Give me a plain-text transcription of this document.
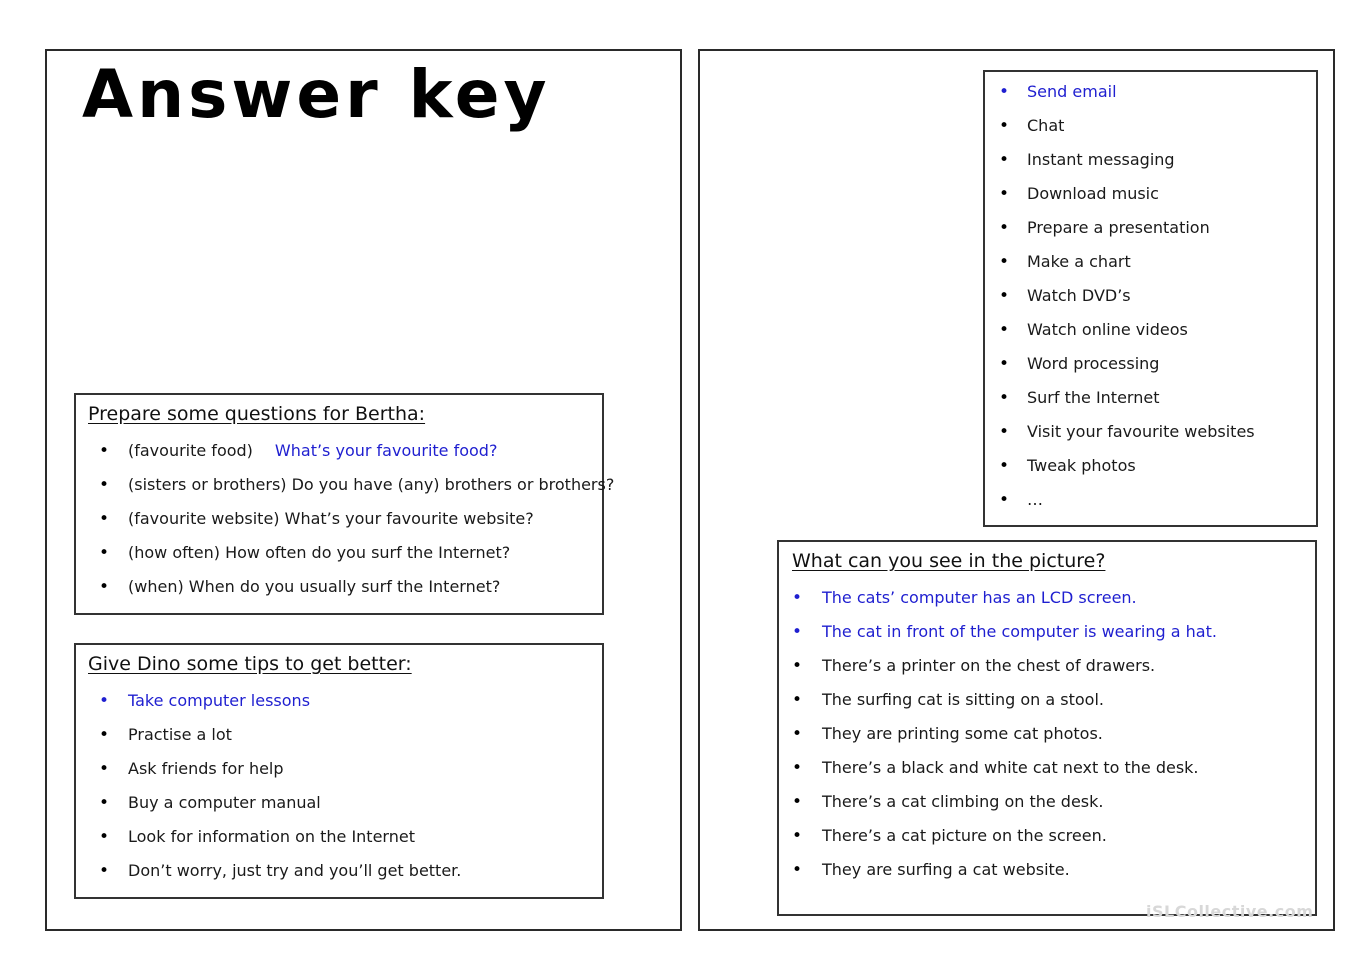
Answer key
Prepare some questions for Bertha:
• (favourite food) What’s your favourite food?
• (sisters or brothers) Do you have (any) brothers or brothers?
• (favourite website) What’s your favourite website?
• (how often) How often do you surf the Internet?
• (when) When do you usually surf the Internet?
Give Dino some tips to get better:
• Take computer lessons
• Practise a lot
• Ask friends for help
• Buy a computer manual
• Look for information on the Internet
• Don’t worry, just try and you’ll get better.
• Send email
• Chat
• Instant messaging
• Download music
• Prepare a presentation
• Make a chart
• Watch DVD’s
• Watch online videos
• Word processing
• Surf the Internet
• Visit your favourite websites
• Tweak photos
• …
What can you see in the picture?
• The cats’ computer has an LCD screen.
• The cat in front of the computer is wearing a hat.
• There’s a printer on the chest of drawers.
• The surfing cat is sitting on a stool.
• They are printing some cat photos.
• There’s a black and white cat next to the desk.
• There’s a cat climbing on the desk.
• There’s a cat picture on the screen.
• They are surfing a cat website.
iSLCollective.com
